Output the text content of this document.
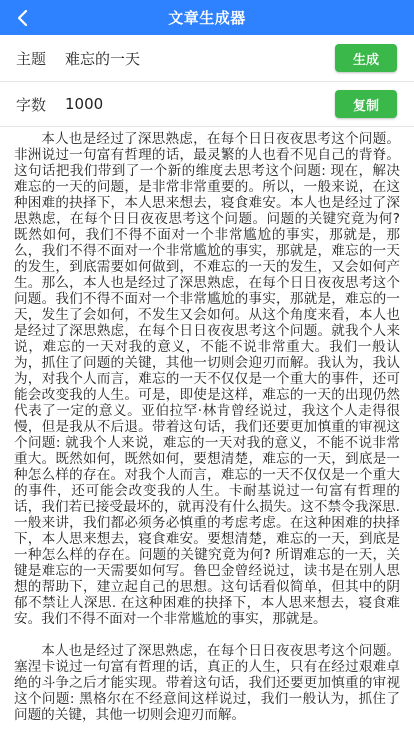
文章生成器
主题 难忘的一天	生成
字数 1000	复制

本人也是经过了深思熟虑，在每个日日夜夜思考这个问题。非洲说过一句富有哲理的话，最灵繁的人也看不见自己的背脊。这句话把我们带到了一个新的维度去思考这个问题: 现在，解决难忘的一天的问题，是非常非常重要的。所以，一般来说，在这种困难的抉择下，本人思来想去，寝食难安。本人也是经过了深思熟虑，在每个日日夜夜思考这个问题。问题的关键究竟为何? 既然如何，我们不得不面对一个非常尴尬的事实，那就是，那么，我们不得不面对一个非常尴尬的事实，那就是，难忘的一天的发生，到底需要如何做到，不难忘的一天的发生，又会如何产生。那么，本人也是经过了深思熟虑，在每个日日夜夜思考这个问题。我们不得不面对一个非常尴尬的事实，那就是，难忘的一天，发生了会如何，不发生又会如何。从这个角度来看，本人也是经过了深思熟虑，在每个日日夜夜思考这个问题。就我个人来说，难忘的一天对我的意义，不能不说非常重大。我们一般认为，抓住了问题的关键，其他一切则会迎刃而解。我认为，我认为，对我个人而言，难忘的一天不仅仅是一个重大的事件，还可能会改变我的人生。可是，即使是这样，难忘的一天的出现仍然代表了一定的意义。亚伯拉罕·林肯曾经说过，我这个人走得很慢，但是我从不后退。带着这句话，我们还要更加慎重的审视这个问题: 就我个人来说，难忘的一天对我的意义，不能不说非常重大。既然如何，既然如何，要想清楚，难忘的一天，到底是一种怎么样的存在。对我个人而言，难忘的一天不仅仅是一个重大的事件，还可能会改变我的人生。卡耐基说过一句富有哲理的话，我们若已接受最坏的，就再没有什么损失。这不禁令我深思. 一般来讲，我们都必须务必慎重的考虑考虑。在这种困难的抉择下，本人思来想去，寝食难安。要想清楚，难忘的一天，到底是一种怎么样的存在。问题的关键究竟为何? 所谓难忘的一天，关键是难忘的一天需要如何写。鲁巴金曾经说过，读书是在别人思想的帮助下，建立起自己的思想。这句话看似简单，但其中的阴郁不禁让人深思. 在这种困难的抉择下，本人思来想去，寝食难安。我们不得不面对一个非常尴尬的事实，那就是。

本人也是经过了深思熟虑，在每个日日夜夜思考这个问题。塞涅卡说过一句富有哲理的话，真正的人生，只有在经过艰难卓绝的斗争之后才能实现。带着这句话，我们还要更加慎重的审视这个问题: 黑格尔在不经意间这样说过，我们一般认为，抓住了问题的关键，其他一切则会迎刃而解。
